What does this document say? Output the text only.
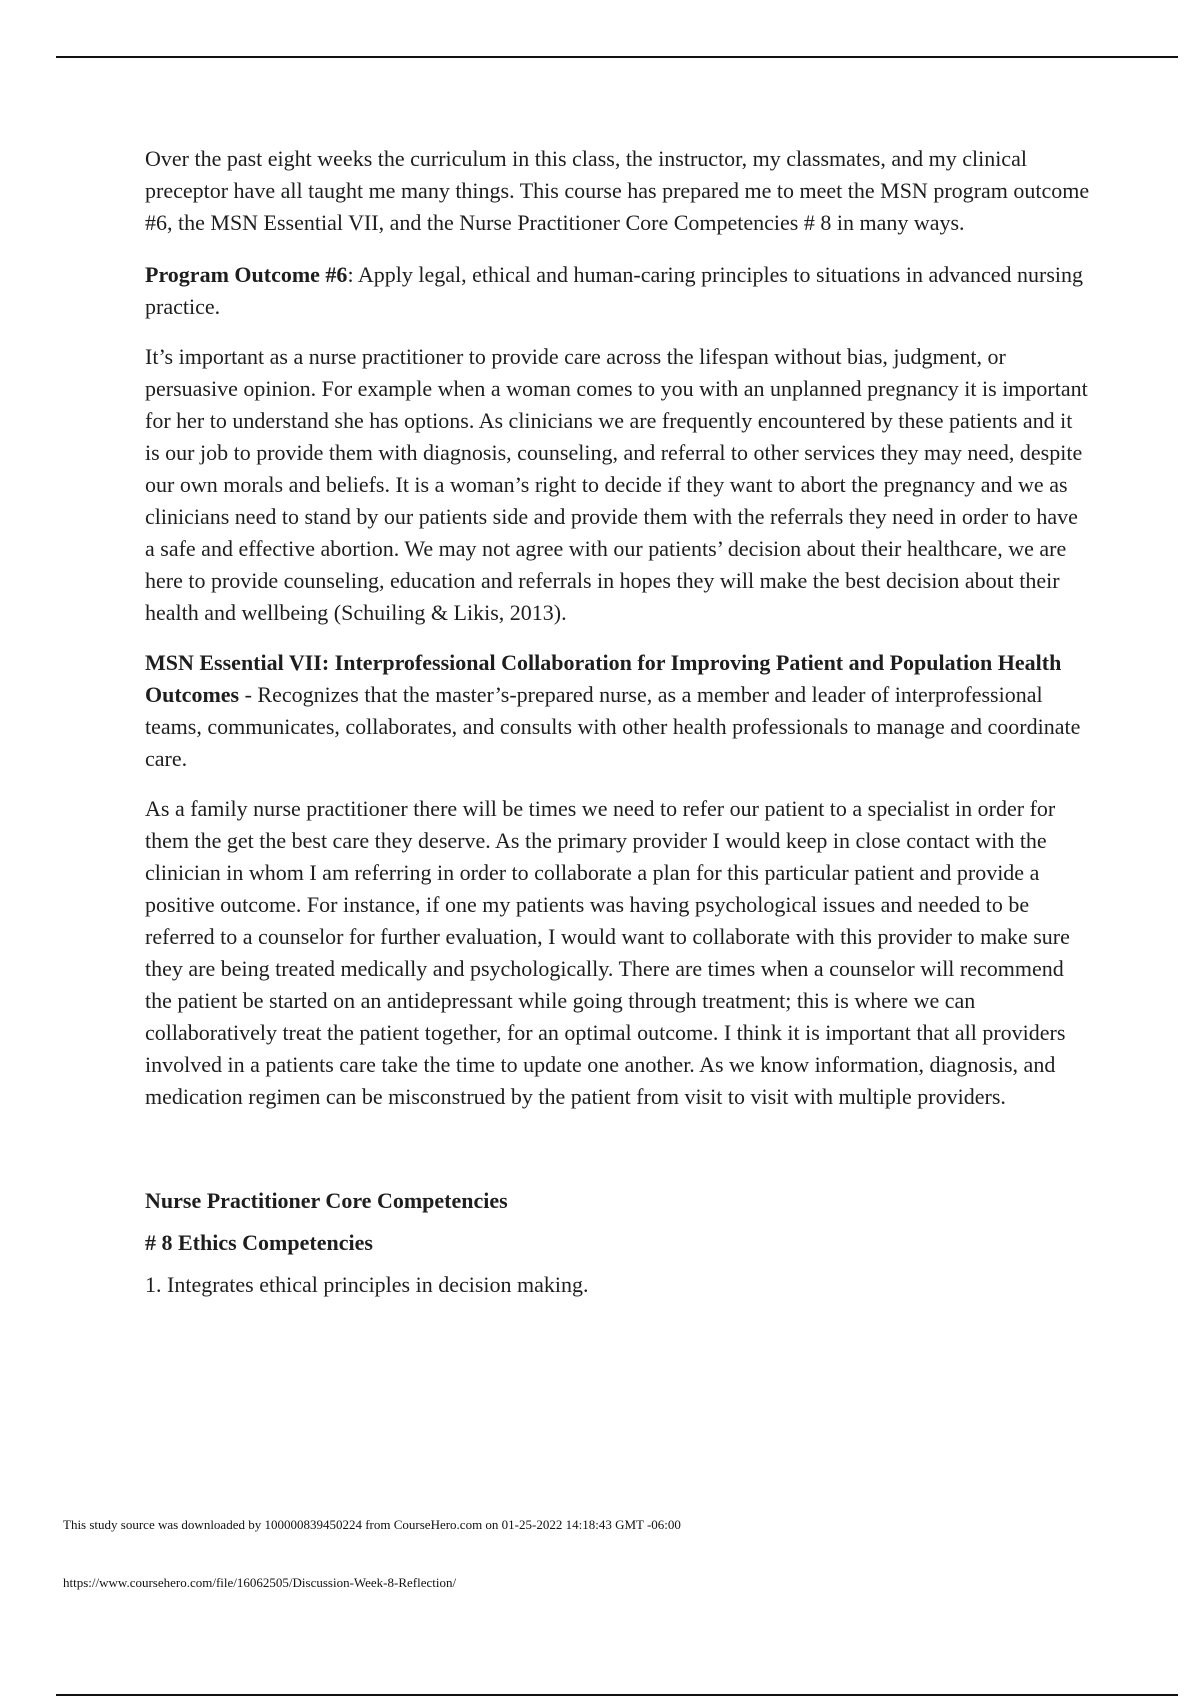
Over the past eight weeks the curriculum in this class, the instructor, my classmates, and my clinical preceptor have all taught me many things. This course has prepared me to meet the MSN program outcome #6, the MSN Essential VII, and the Nurse Practitioner Core Competencies # 8 in many ways.

Program Outcome #6: Apply legal, ethical and human-caring principles to situations in advanced nursing practice.

It’s important as a nurse practitioner to provide care across the lifespan without bias, judgment, or persuasive opinion. For example when a woman comes to you with an unplanned pregnancy it is important for her to understand she has options. As clinicians we are frequently encountered by these patients and it is our job to provide them with diagnosis, counseling, and referral to other services they may need, despite our own morals and beliefs. It is a woman’s right to decide if they want to abort the pregnancy and we as clinicians need to stand by our patients side and provide them with the referrals they need in order to have a safe and effective abortion. We may not agree with our patients’ decision about their healthcare, we are here to provide counseling, education and referrals in hopes they will make the best decision about their health and wellbeing (Schuiling & Likis, 2013).

MSN Essential VII: Interprofessional Collaboration for Improving Patient and Population Health Outcomes - Recognizes that the master’s-prepared nurse, as a member and leader of interprofessional teams, communicates, collaborates, and consults with other health professionals to manage and coordinate care.

As a family nurse practitioner there will be times we need to refer our patient to a specialist in order for them the get the best care they deserve. As the primary provider I would keep in close contact with the clinician in whom I am referring in order to collaborate a plan for this particular patient and provide a positive outcome. For instance, if one my patients was having psychological issues and needed to be referred to a counselor for further evaluation, I would want to collaborate with this provider to make sure they are being treated medically and psychologically. There are times when a counselor will recommend the patient be started on an antidepressant while going through treatment; this is where we can collaboratively treat the patient together, for an optimal outcome. I think it is important that all providers involved in a patients care take the time to update one another. As we know information, diagnosis, and medication regimen can be misconstrued by the patient from visit to visit with multiple providers.

Nurse Practitioner Core Competencies

# 8 Ethics Competencies

1. Integrates ethical principles in decision making.

This study source was downloaded by 100000839450224 from CourseHero.com on 01-25-2022 14:18:43 GMT -06:00
https://www.coursehero.com/file/16062505/Discussion-Week-8-Reflection/
